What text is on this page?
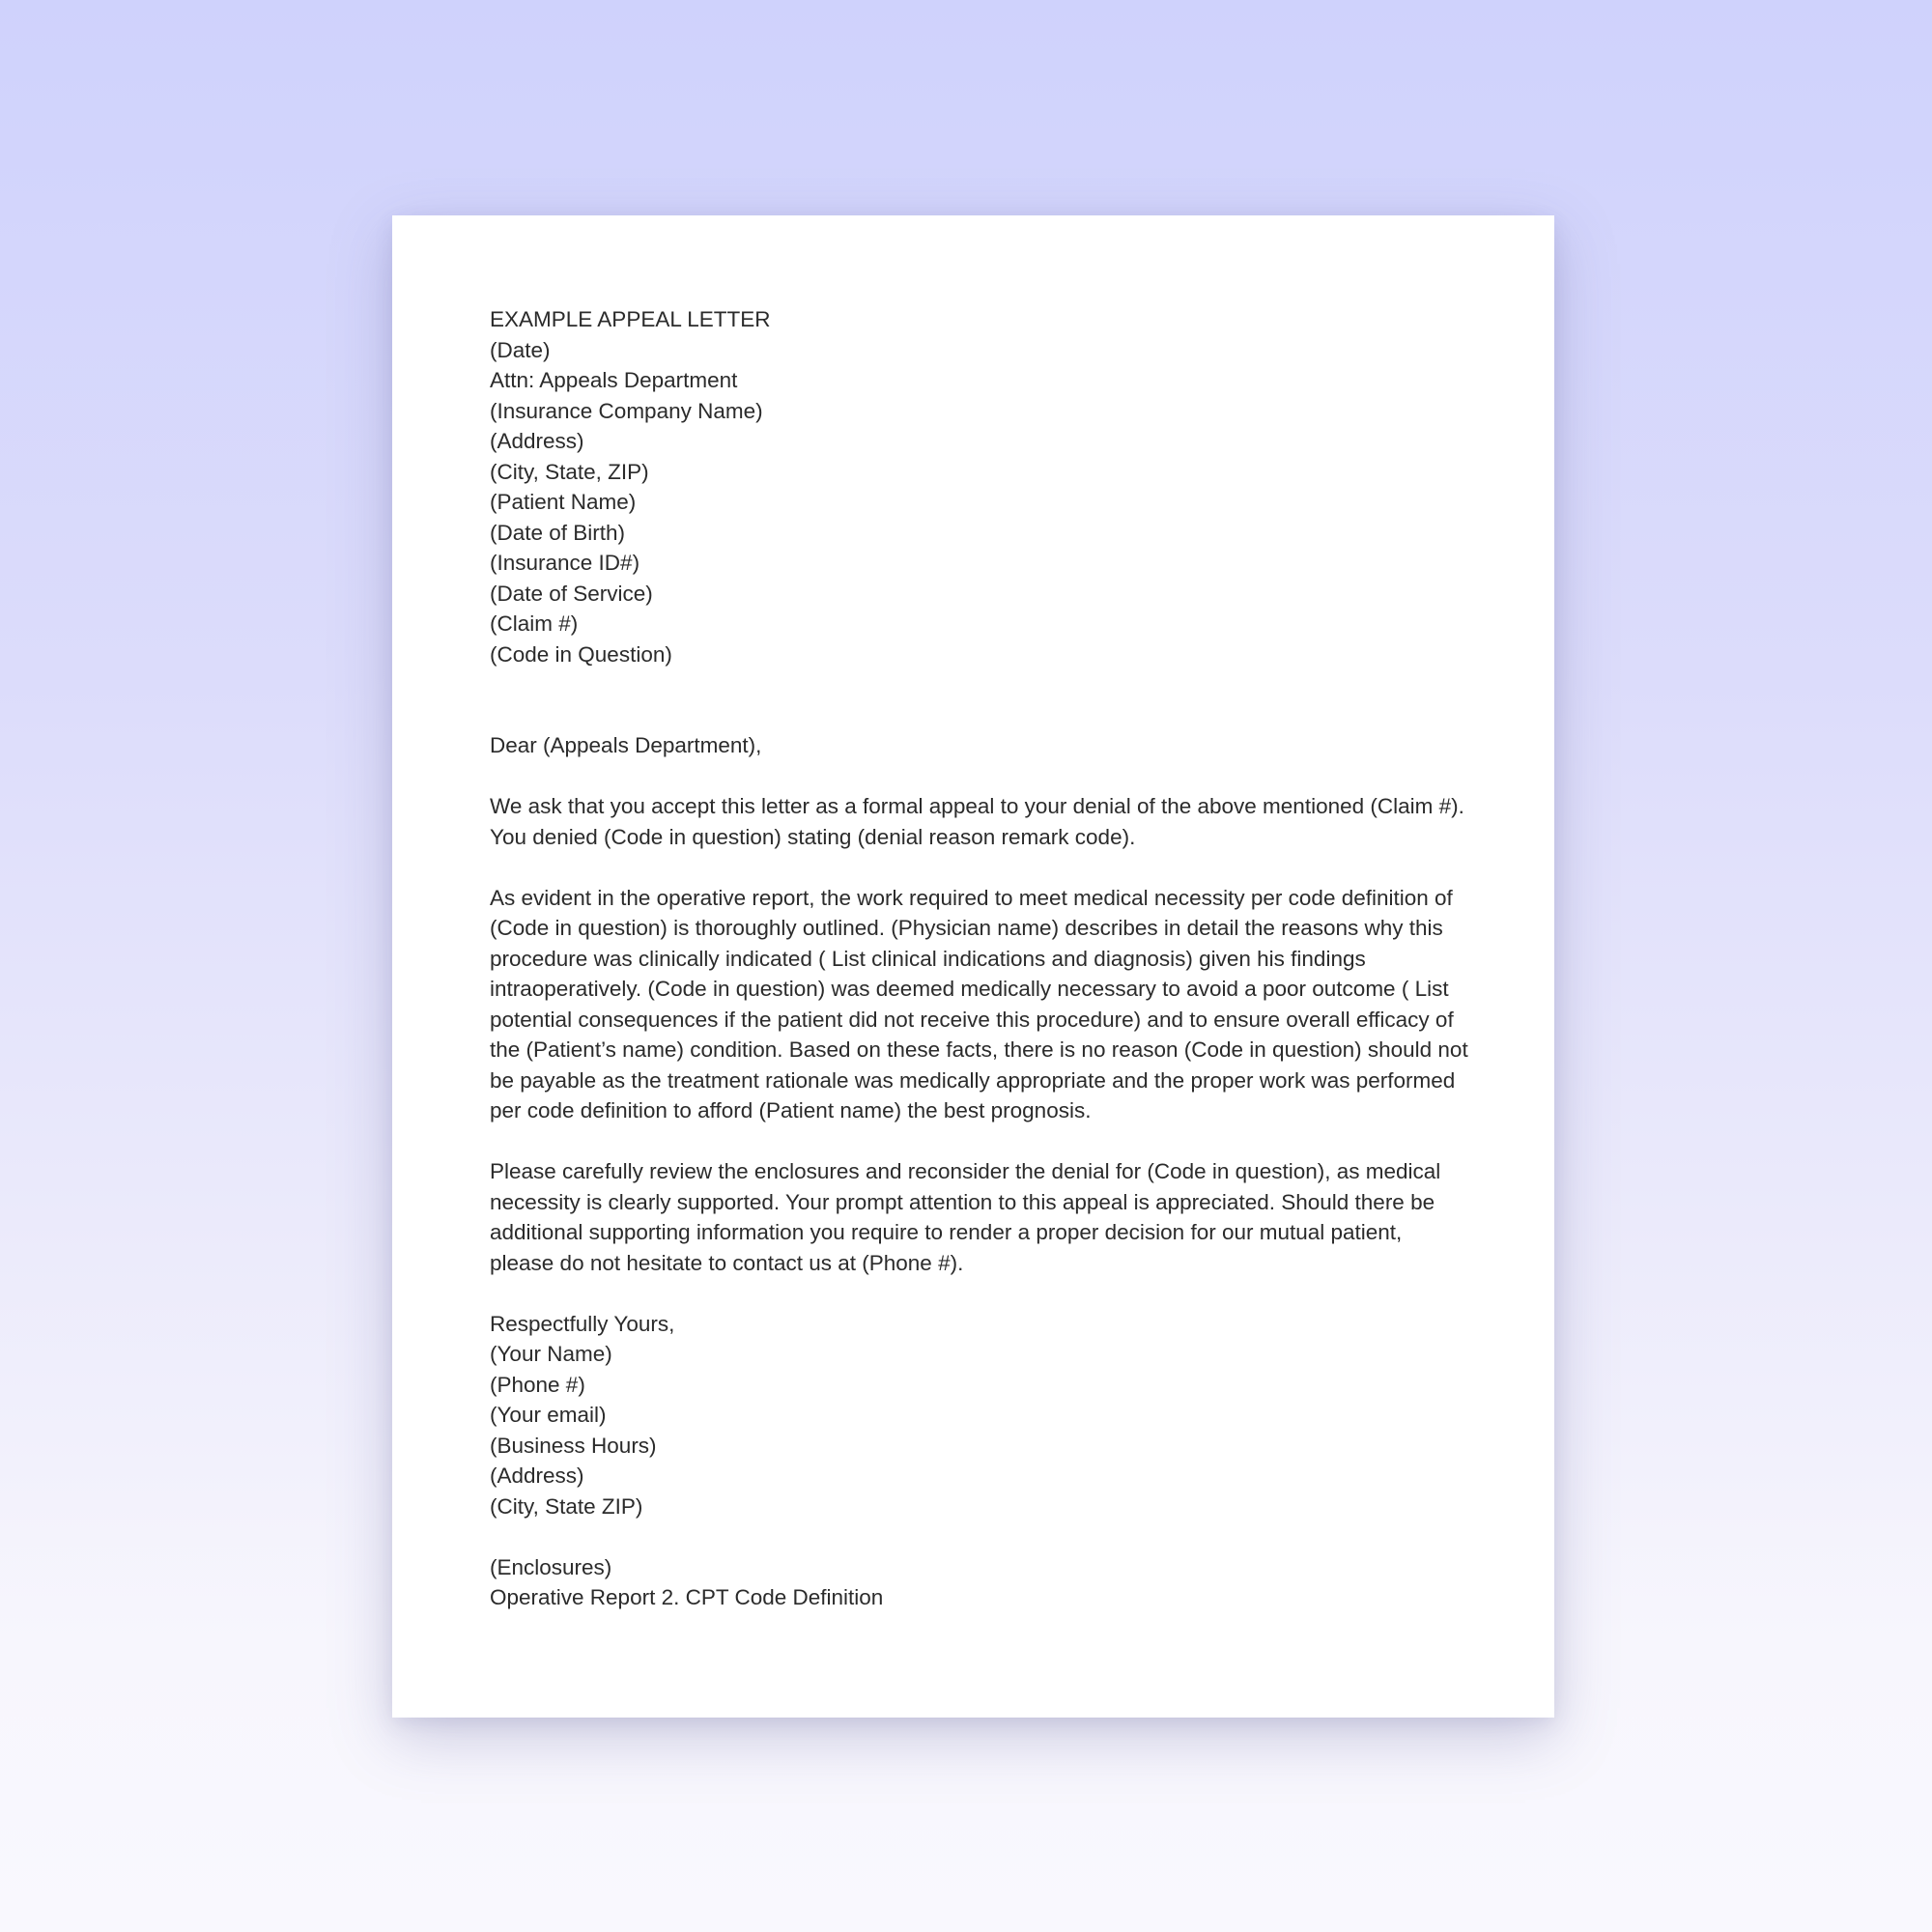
EXAMPLE APPEAL LETTER
(Date)
Attn: Appeals Department
(Insurance Company Name)
(Address)
(City, State, ZIP)
(Patient Name)
(Date of Birth)
(Insurance ID#)
(Date of Service)
(Claim #)
(Code in Question)
Dear (Appeals Department),
We ask that you accept this letter as a formal appeal to your denial of the above mentioned (Claim #).
You denied (Code in question) stating (denial reason remark code).
As evident in the operative report, the work required to meet medical necessity per code definition of
(Code in question) is thoroughly outlined. (Physician name) describes in detail the reasons why this
procedure was clinically indicated ( List clinical indications and diagnosis) given his findings
intraoperatively. (Code in question) was deemed medically necessary to avoid a poor outcome ( List
potential consequences if the patient did not receive this procedure) and to ensure overall efficacy of
the (Patient’s name) condition. Based on these facts, there is no reason (Code in question) should not
be payable as the treatment rationale was medically appropriate and the proper work was performed
per code definition to afford (Patient name) the best prognosis.
Please carefully review the enclosures and reconsider the denial for (Code in question), as medical
necessity is clearly supported. Your prompt attention to this appeal is appreciated. Should there be
additional supporting information you require to render a proper decision for our mutual patient,
please do not hesitate to contact us at (Phone #).
Respectfully Yours,
(Your Name)
(Phone #)
(Your email)
(Business Hours)
(Address)
(City, State ZIP)
(Enclosures)
Operative Report 2. CPT Code Definition
